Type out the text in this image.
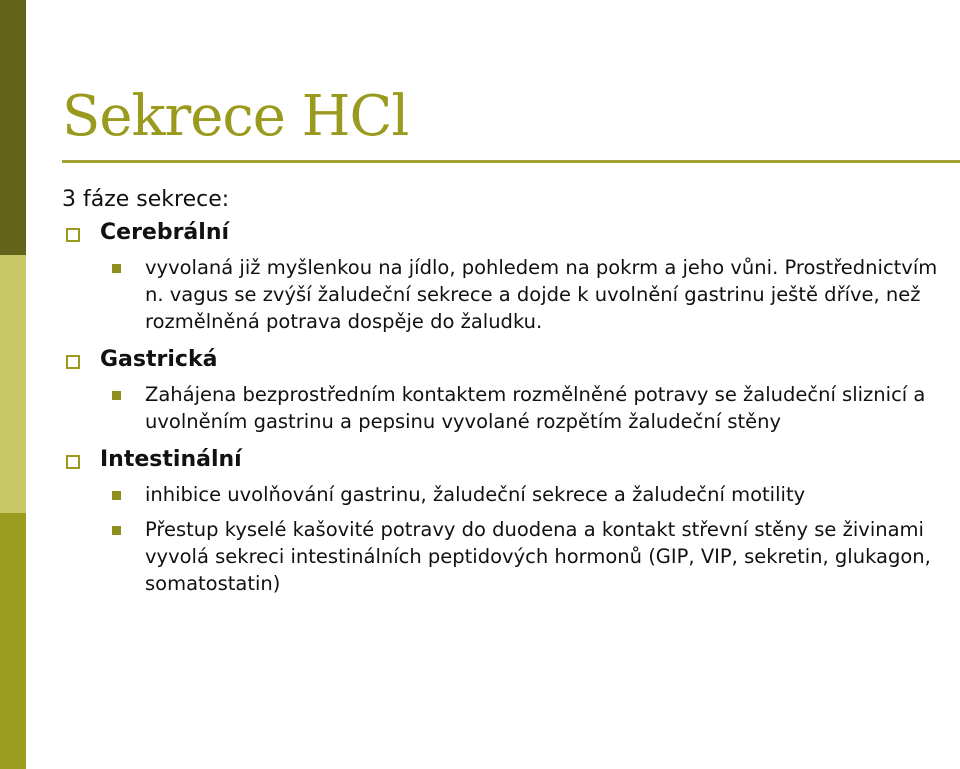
Sekrece HCl

3 fáze sekrece:

Cerebrální
vyvolaná již myšlenkou na jídlo, pohledem na pokrm a jeho vůni. Prostřednictvím n. vagus se zvýší žaludeční sekrece a dojde k uvolnění gastrinu ještě dříve, než rozmělněná potrava dospěje do žaludku.
Gastrická
Zahájena bezprostředním kontaktem rozmělněné potravy se žaludeční sliznicí a uvolněním gastrinu a pepsinu vyvolané rozpětím žaludeční stěny
Intestinální
inhibice uvolňování gastrinu, žaludeční sekrece a žaludeční motility
Přestup kyselé kašovité potravy do duodena a kontakt střevní stěny se živinami vyvolá sekreci intestinálních peptidových hormonů (GIP, VIP, sekretin, glukagon, somatostatin)
